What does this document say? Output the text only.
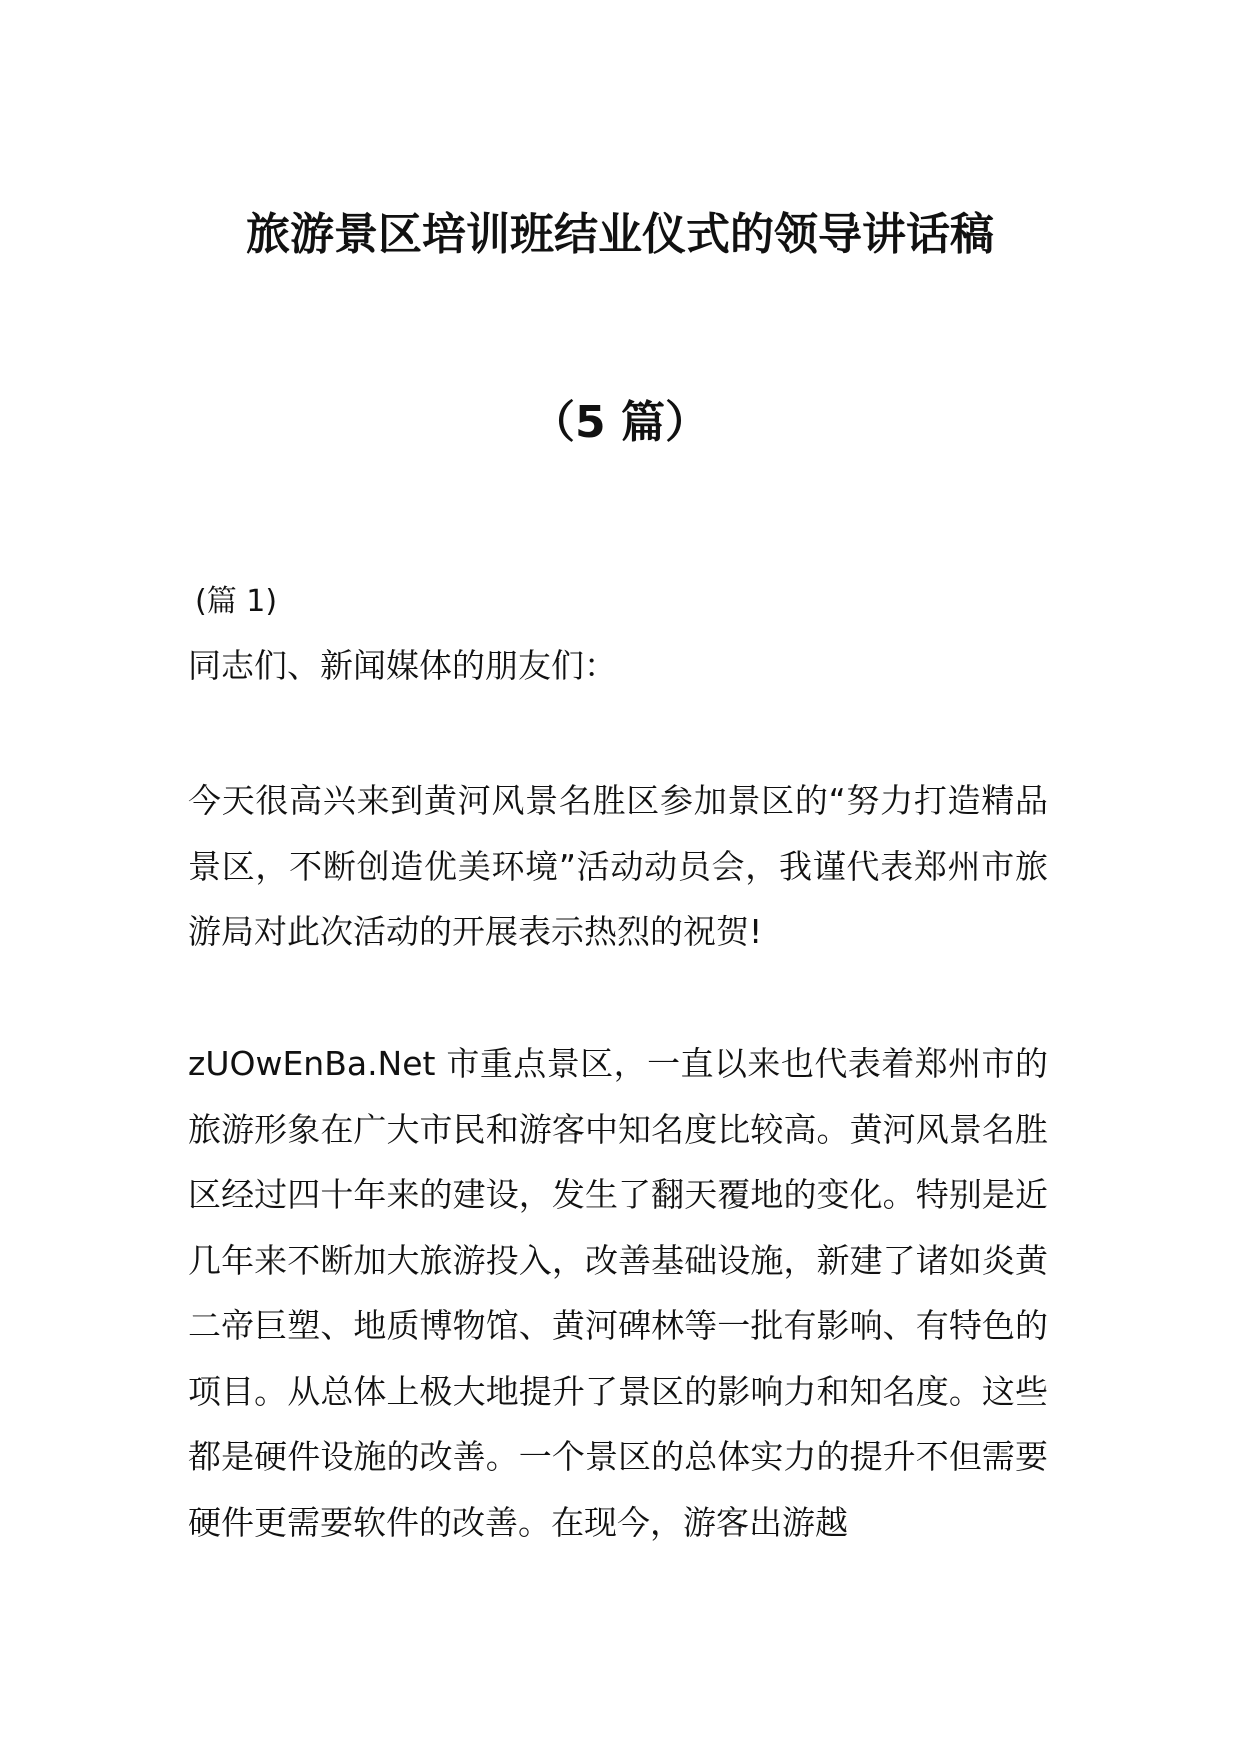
旅游景区培训班结业仪式的领导讲话稿
（5 篇）

(篇 1)

同志们、新闻媒体的朋友们：

今天很高兴来到黄河风景名胜区参加景区的“努力打造精品景区，不断创造优美环境”活动动员会，我谨代表郑州市旅游局对此次活动的开展表示热烈的祝贺!

zUOwEnBa.Net 市重点景区，一直以来也代表着郑州市的旅游形象在广大市民和游客中知名度比较高。黄河风景名胜区经过四十年来的建设，发生了翻天覆地的变化。特别是近几年来不断加大旅游投入，改善基础设施，新建了诸如炎黄二帝巨塑、地质博物馆、黄河碑林等一批有影响、有特色的项目。从总体上极大地提升了景区的影响力和知名度。这些都是硬件设施的改善。一个景区的总体实力的提升不但需要硬件更需要软件的改善。在现今，游客出游越
